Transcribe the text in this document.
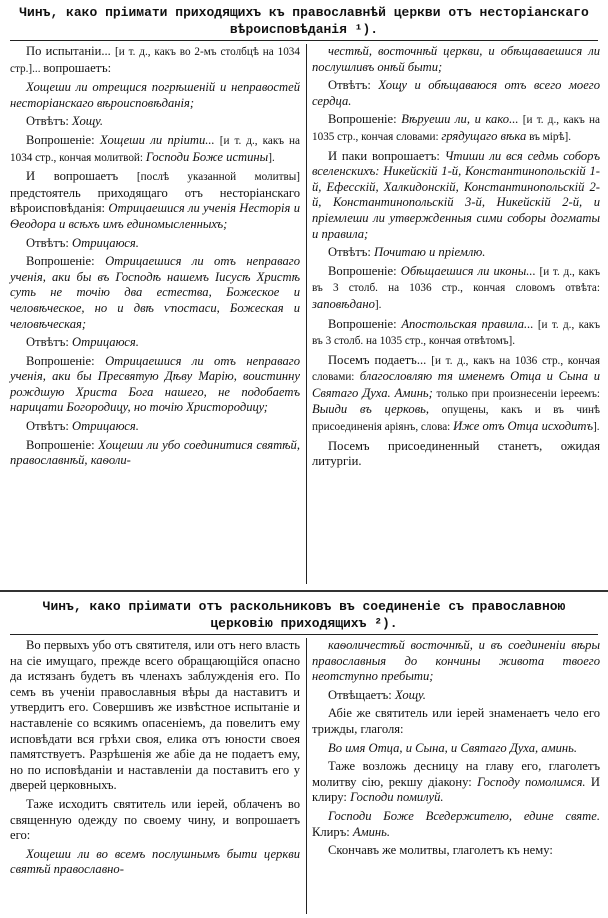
Чинъ, како пріимати приходящихъ къ православнѣй церкви отъ несторіанскаго вѣроисповѣданія ¹).

По испытаніи... [и т. д., какъ во 2-мъ столбцѣ на 1034 стр.]... вопрошаетъ:

Хощеши ли отрещися погрѣшеній и неправостей несторіанскаго вѣроисповѣданія;

Отвѣтъ: Хощу.

Вопрошеніе: Хощеши ли пріити... [и т. д., какъ на 1034 стр., кончая молитвой: Господи Боже истины].

И вопрошаетъ [послѣ указанной молитвы] предстоятель приходящаго отъ несторіанскаго вѣроисповѣданія: Отрицаешися ли ученія Несторія и Ѳеодора и всѣхъ имъ единомысленныхъ;

Отвѣтъ: Отрицаюся.

Вопрошеніе: Отрицаешися ли отъ неправаго ученія, аки бы въ Господѣ нашемъ Іисусѣ Христѣ суть не точію два естества, Божеское и человѣческое, но и двѣ ѵпостаси, Божеская и человѣческая;

Отвѣтъ: Отрицаюся.

Вопрошеніе: Отрицаешися ли отъ неправаго ученія, аки бы Пресвятую Дѣву Марію, воистинну рождшую Христа Бога нашего, не подобаетъ нарицати Богородицу, но точію Христородицу;

Отвѣтъ: Отрицаюся.

Вопрошеніе: Хощеши ли убо соединитися святѣй, православнѣй, каѳоли-

честѣй, восточнѣй церкви, и обѣщаваешися ли послушливъ онѣй быти;

Отвѣтъ: Хощу и обѣщаваюся отъ всего моего сердца.

Вопрошеніе: Вѣруеши ли, и како... [и т. д., какъ на 1035 стр., кончая словами: грядущаго вѣка въ мірѣ].

И паки вопрошаетъ: Чтиши ли вся седмь соборъ вселенскихъ: Никейскій 1-й, Константинопольскій 1-й, Ефесскій, Халкидонскій, Константинопольскій 2-й, Константинопольскій 3-й, Никейскій 2-й, и пріемлеши ли утвержденныя сими соборы догматы и правила;

Отвѣтъ: Почитаю и пріемлю.

Вопрошеніе: Обѣщаешися ли иконы... [и т. д., какъ въ 3 столб. на 1036 стр., кончая словомъ отвѣта: заповѣдано].

Вопрошеніе: Апостольская правила... [и т. д., какъ въ 3 столб. на 1035 стр., кончая отвѣтомъ].

Посемъ подаетъ... [и т. д., какъ на 1036 стр., кончая словами: благословляю тя именемъ Отца и Сына и Святаго Духа. Аминь; только при произнесеніи іереемъ: Выиди въ церковь, опущены, какъ и въ чинѣ присоединенія аріянъ, слова: Иже отъ Отца исходитъ].

Посемъ присоединенный станетъ, ожидая литургіи.

Чинъ, како пріимати отъ раскольниковъ въ соединеніе съ православною церковію приходящихъ ²).

Во первыхъ убо отъ святителя, или отъ него власть на сіе имущаго, прежде всего обращающійся опасно да истязанъ будетъ въ членахъ заблужденія его. По семъ въ ученіи православныя вѣры да наставитъ и утвердитъ его. Совершивъ же извѣстное испытаніе и наставленіе со всякимъ опасеніемъ, да повелитъ ему исповѣдати вся грѣхи своя, елика отъ юности своея памятствуетъ. Разрѣшенія же абіе да не подаетъ ему, но по исповѣданіи и наставленіи да поставитъ его у дверей церковныхъ.

Таже исходитъ святитель или іерей, облаченъ во священную одежду по своему чину, и вопрошаетъ его:

Хощеши ли во всемъ послушнымъ быти церкви святѣй православно-

каѳоличестѣй восточнѣй, и въ соединеніи вѣры православныя до кончины живота твоего неотступно пребыти;

Отвѣщаетъ: Хощу.

Абіе же святитель или іерей знаменаетъ чело его трижды, глаголя:

Во имя Отца, и Сына, и Святаго Духа, аминь.

Таже возложь десницу на главу его, глаголетъ молитву сію, рекшу діакону: Господу помолимся. И клиру: Господи помилуй.

Господи Боже Вседержителю, едине святе. Клиръ: Аминь.

Скончавъ же молитвы, глаголетъ къ нему:
